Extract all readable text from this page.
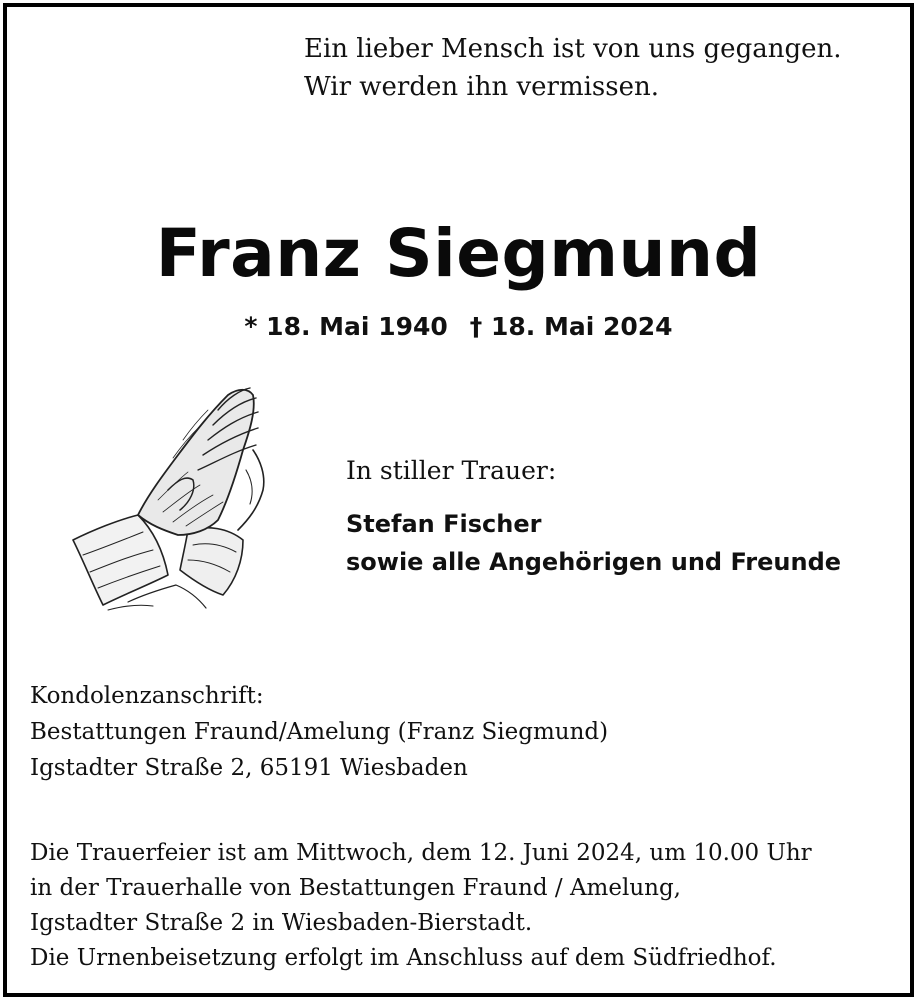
Ein lieber Mensch ist von uns gegangen.
Wir werden ihn vermissen.
Franz Siegmund
* 18. Mai 1940 † 18. Mai 2024
In stiller Trauer:
Stefan Fischer
sowie alle Angehörigen und Freunde
Kondolenzanschrift:
Bestattungen Fraund/Amelung (Franz Siegmund)
Igstadter Straße 2, 65191 Wiesbaden
Die Trauerfeier ist am Mittwoch, dem 12. Juni 2024, um 10.00 Uhr
in der Trauerhalle von Bestattungen Fraund / Amelung,
Igstadter Straße 2 in Wiesbaden-Bierstadt.
Die Urnenbeisetzung erfolgt im Anschluss auf dem Südfriedhof.
